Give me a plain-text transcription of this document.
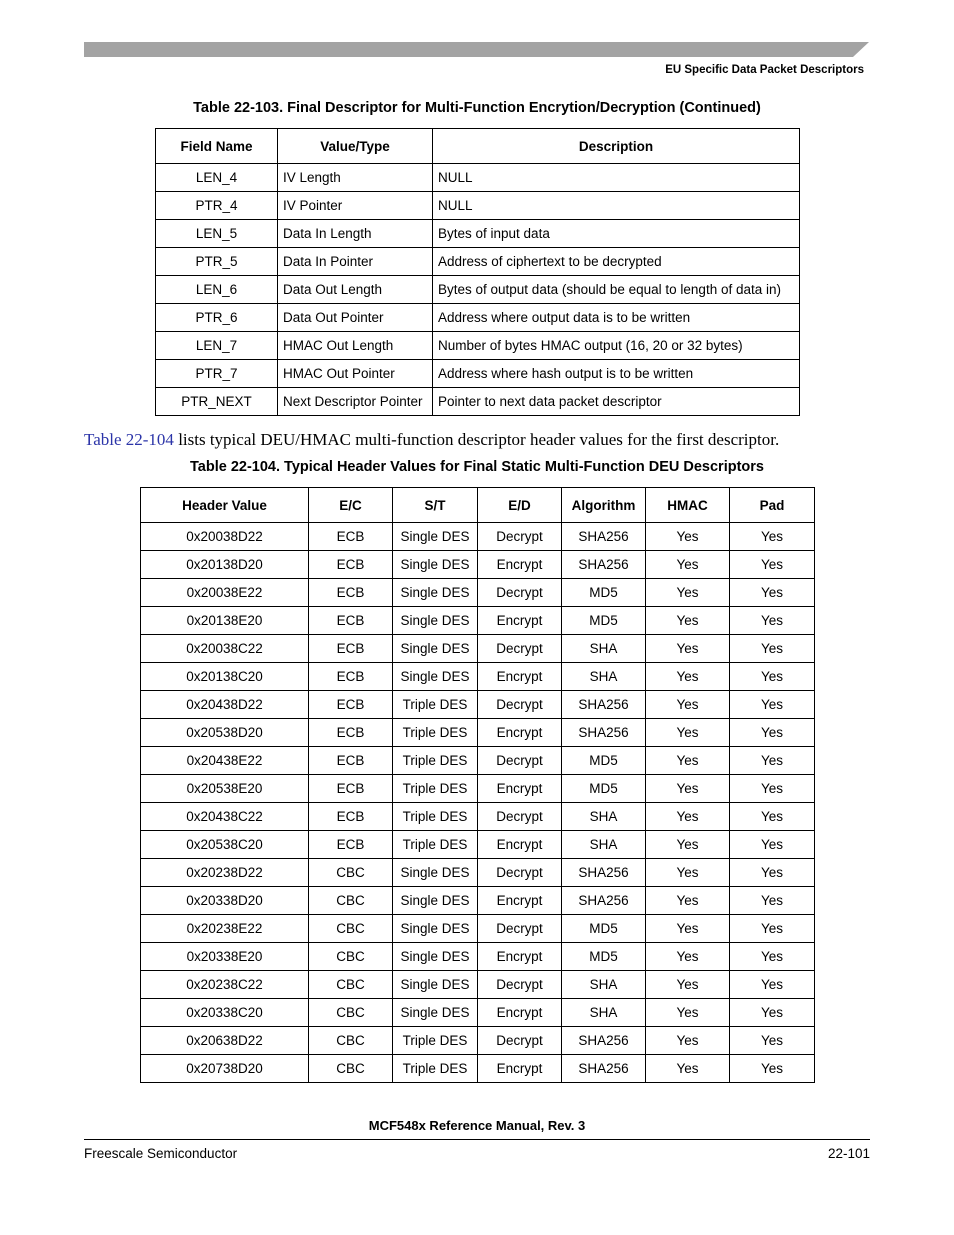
EU Specific Data Packet Descriptors
Table 22-103. Final Descriptor for Multi-Function Encrytion/Decryption (Continued)
Field Name	Value/Type	Description
LEN_4	IV Length	NULL
PTR_4	IV Pointer	NULL
LEN_5	Data In Length	Bytes of input data
PTR_5	Data In Pointer	Address of ciphertext to be decrypted
LEN_6	Data Out Length	Bytes of output data (should be equal to length of data in)
PTR_6	Data Out Pointer	Address where output data is to be written
LEN_7	HMAC Out Length	Number of bytes HMAC output (16, 20 or 32 bytes)
PTR_7	HMAC Out Pointer	Address where hash output is to be written
PTR_NEXT	Next Descriptor Pointer	Pointer to next data packet descriptor
Table 22-104 lists typical DEU/HMAC multi-function descriptor header values for the first descriptor.
Table 22-104. Typical Header Values for Final Static Multi-Function DEU Descriptors
Header Value	E/C	S/T	E/D	Algorithm	HMAC	Pad
0x20038D22	ECB	Single DES	Decrypt	SHA256	Yes	Yes
0x20138D20	ECB	Single DES	Encrypt	SHA256	Yes	Yes
0x20038E22	ECB	Single DES	Decrypt	MD5	Yes	Yes
0x20138E20	ECB	Single DES	Encrypt	MD5	Yes	Yes
0x20038C22	ECB	Single DES	Decrypt	SHA	Yes	Yes
0x20138C20	ECB	Single DES	Encrypt	SHA	Yes	Yes
0x20438D22	ECB	Triple DES	Decrypt	SHA256	Yes	Yes
0x20538D20	ECB	Triple DES	Encrypt	SHA256	Yes	Yes
0x20438E22	ECB	Triple DES	Decrypt	MD5	Yes	Yes
0x20538E20	ECB	Triple DES	Encrypt	MD5	Yes	Yes
0x20438C22	ECB	Triple DES	Decrypt	SHA	Yes	Yes
0x20538C20	ECB	Triple DES	Encrypt	SHA	Yes	Yes
0x20238D22	CBC	Single DES	Decrypt	SHA256	Yes	Yes
0x20338D20	CBC	Single DES	Encrypt	SHA256	Yes	Yes
0x20238E22	CBC	Single DES	Decrypt	MD5	Yes	Yes
0x20338E20	CBC	Single DES	Encrypt	MD5	Yes	Yes
0x20238C22	CBC	Single DES	Decrypt	SHA	Yes	Yes
0x20338C20	CBC	Single DES	Encrypt	SHA	Yes	Yes
0x20638D22	CBC	Triple DES	Decrypt	SHA256	Yes	Yes
0x20738D20	CBC	Triple DES	Encrypt	SHA256	Yes	Yes
MCF548x Reference Manual, Rev. 3
Freescale Semiconductor	22-101
